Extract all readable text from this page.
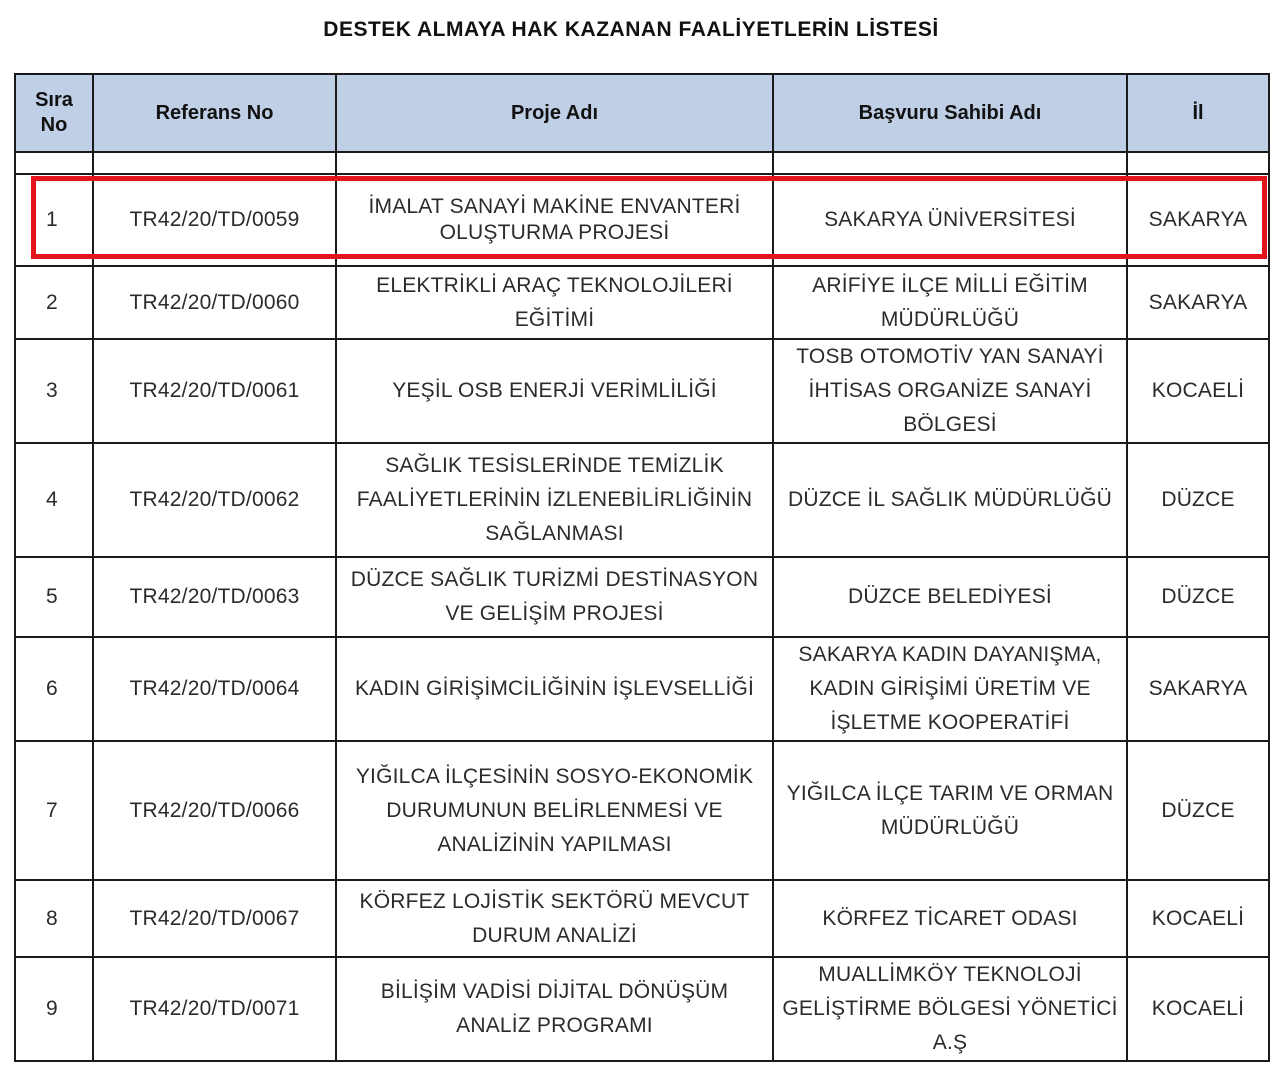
DESTEK ALMAYA HAK KAZANAN FAALİYETLERİN LİSTESİ
Sıra No	Referans No	Proje Adı	Başvuru Sahibi Adı	İl

1	TR42/20/TD/0059	İMALAT SANAYİ MAKİNE ENVANTERİ OLUŞTURMA PROJESİ	SAKARYA ÜNİVERSİTESİ	SAKARYA
2	TR42/20/TD/0060	ELEKTRİKLİ ARAÇ TEKNOLOJİLERİ EĞİTİMİ	ARİFİYE İLÇE MİLLİ EĞİTİM MÜDÜRLÜĞÜ	SAKARYA
3	TR42/20/TD/0061	YEŞİL OSB ENERJİ VERİMLİLİĞİ	TOSB OTOMOTİV YAN SANAYİ İHTİSAS ORGANİZE SANAYİ BÖLGESİ	KOCAELİ
4	TR42/20/TD/0062	SAĞLIK TESİSLERİNDE TEMİZLİK FAALİYETLERİNİN İZLENEBİLİRLİĞİNİN SAĞLANMASI	DÜZCE İL SAĞLIK MÜDÜRLÜĞÜ	DÜZCE
5	TR42/20/TD/0063	DÜZCE SAĞLIK TURİZMİ DESTİNASYON VE GELİŞİM PROJESİ	DÜZCE BELEDİYESİ	DÜZCE
6	TR42/20/TD/0064	KADIN GİRİŞİMCİLİĞİNİN İŞLEVSELLİĞİ	SAKARYA KADIN DAYANIŞMA, KADIN GİRİŞİMİ ÜRETİM VE İŞLETME KOOPERATİFİ	SAKARYA
7	TR42/20/TD/0066	YIĞILCA İLÇESİNİN SOSYO-EKONOMİK DURUMUNUN BELİRLENMESİ VE ANALİZİNİN YAPILMASI	YIĞILCA İLÇE TARIM VE ORMAN MÜDÜRLÜĞÜ	DÜZCE
8	TR42/20/TD/0067	KÖRFEZ LOJİSTİK SEKTÖRÜ MEVCUT DURUM ANALİZİ	KÖRFEZ TİCARET ODASI	KOCAELİ
9	TR42/20/TD/0071	BİLİŞİM VADİSİ DİJİTAL DÖNÜŞÜM ANALİZ PROGRAMI	MUALLİMKÖY TEKNOLOJİ GELİŞTİRME BÖLGESİ YÖNETİCİ A.Ş	KOCAELİ
